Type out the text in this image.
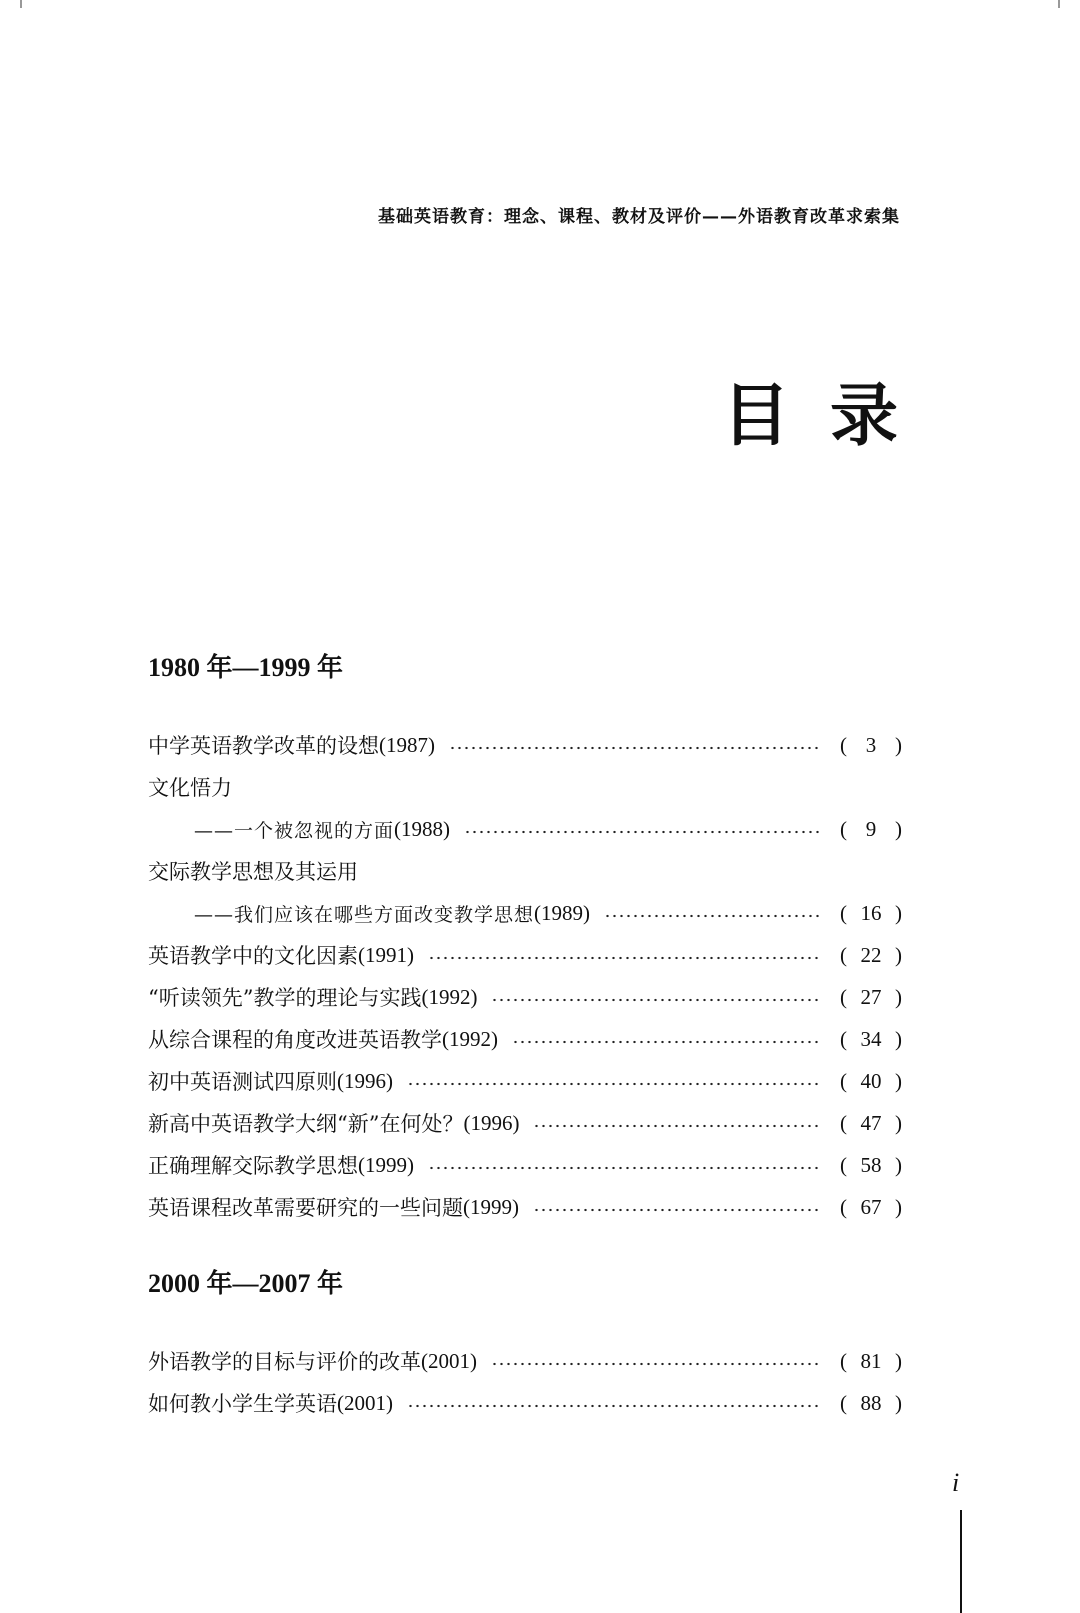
基础英语教育：理念、课程、教材及评价——外语教育改革求索集
目录
1980 年—1999 年
中学英语教学改革的设想 (1987)	( 3 )
文化悟力
——一个被忽视的方面 (1988)	( 9 )
交际教学思想及其运用
——我们应该在哪些方面改变教学思想 (1989)	( 16 )
英语教学中的文化因素 (1991)	( 22 )
“听读领先”教学的理论与实践 (1992)	( 27 )
从综合课程的角度改进英语教学 (1992)	( 34 )
初中英语测试四原则 (1996)	( 40 )
新高中英语教学大纲“新”在何处？ (1996)	( 47 )
正确理解交际教学思想 (1999)	( 58 )
英语课程改革需要研究的一些问题 (1999)	( 67 )
2000 年—2007 年
外语教学的目标与评价的改革 (2001)	( 81 )
如何教小学生学英语 (2001)	( 88 )
i
